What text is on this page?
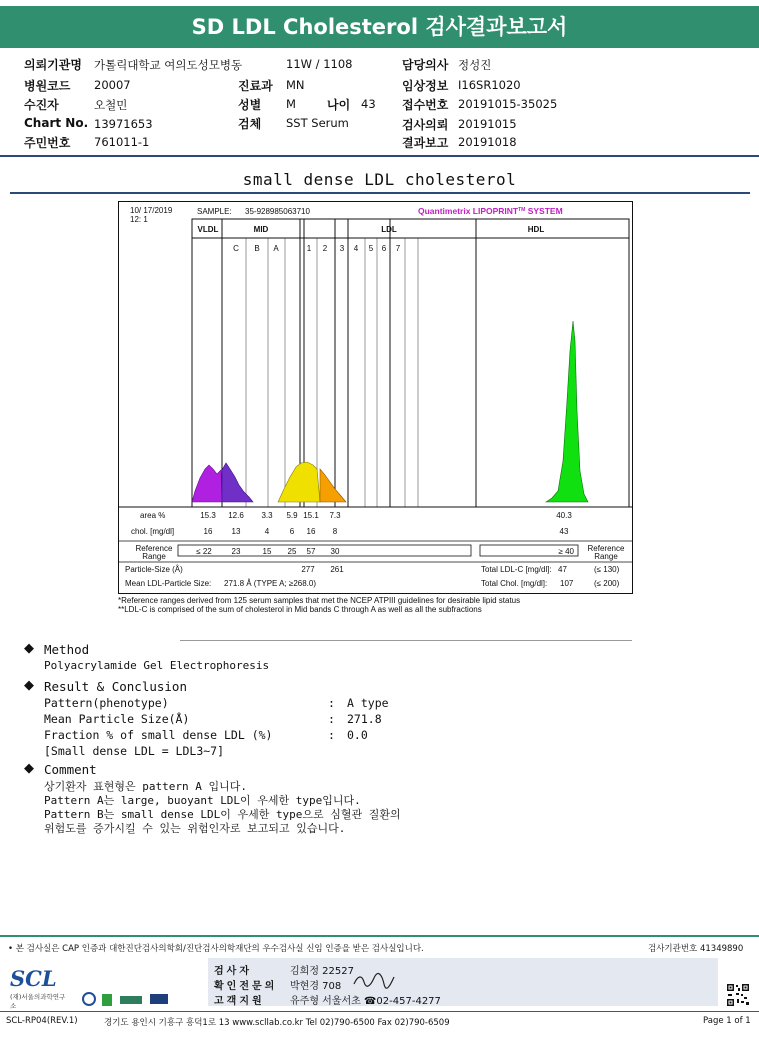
SD LDL Cholesterol 검사결과보고서
의뢰기관명 가톨릭대학교 여의도성모병동	11W / 1108	담당의사 정성진
병원코드 20007	진료과 MN	임상정보 I16SR1020
수진자	오철민	성별 M	나이 43 접수번호 20191015-35025
Chart No. 13971653	검체 SST Serum	검사의뢰 20191015
주민번호 761011-1	결과보고 20191018
small dense LDL cholesterol
10/ 17/2019
12: 1
SAMPLE: 35-928985063710	Quantimetrix LIPOPRINT™ SYSTEM
VLDL	MID	LDL	HDL
C B A	1 2 3 4 5 6 7
area %	15.3 12.6 3.3 5.9 15.1 7.3	40.3
chol. [mg/dl]	16 13	4	6 16 8	43
Reference
Range
≤ 22 23	15 25 57 30	≥ 40 Reference
Range
Particle-Size (Å)	277 261	Total LDL-C [mg/dl]: 47	(≤ 130)
Mean LDL-Particle Size: 271.8 Å (TYPE A; ≥268.0)	Total Chol. [mg/dl]: 107	(≤ 200)
*Reference ranges derived from 125 serum samples that met the NCEP ATPIII guidelines for desirable lipid status
**LDL-C is comprised of the sum of cholesterol in Mid bands C through A as well as all the subfractions
◆ Method
Polyacrylamide Gel Electrophoresis
◆ Result & Conclusion
Pattern(phenotype)	: A type
Mean Particle Size(Å)	: 271.8
Fraction % of small dense LDL (%)	: 0.0
[Small dense LDL = LDL3~7]
◆ Comment
상기환자 표현형은 pattern A 입니다.
Pattern A는 large, buoyant LDL이 우세한 type입니다.
Pattern B는 small dense LDL이 우세한 type으로 심혈관 질환의
위험도를 증가시킬 수 있는 위험인자로 보고되고 있습니다.
• 본 검사실은 CAP 인증과 대한진단검사의학회/진단검사의학재단의 우수검사실 신임 인증을 받은 검사실입니다.	검사기관번호 41349890
SCL
(재)서울의과학연구소
검사자	김희정 22527
확인전문의 박현경 708
고객지원	유주형 서울서초 ☎02-457-4277
SCL-RP04(REV.1)	경기도 용인시 기흥구 흥덕1로 13 www.scllab.co.kr Tel 02)790-6500 Fax 02)790-6509	Page 1 of 1
